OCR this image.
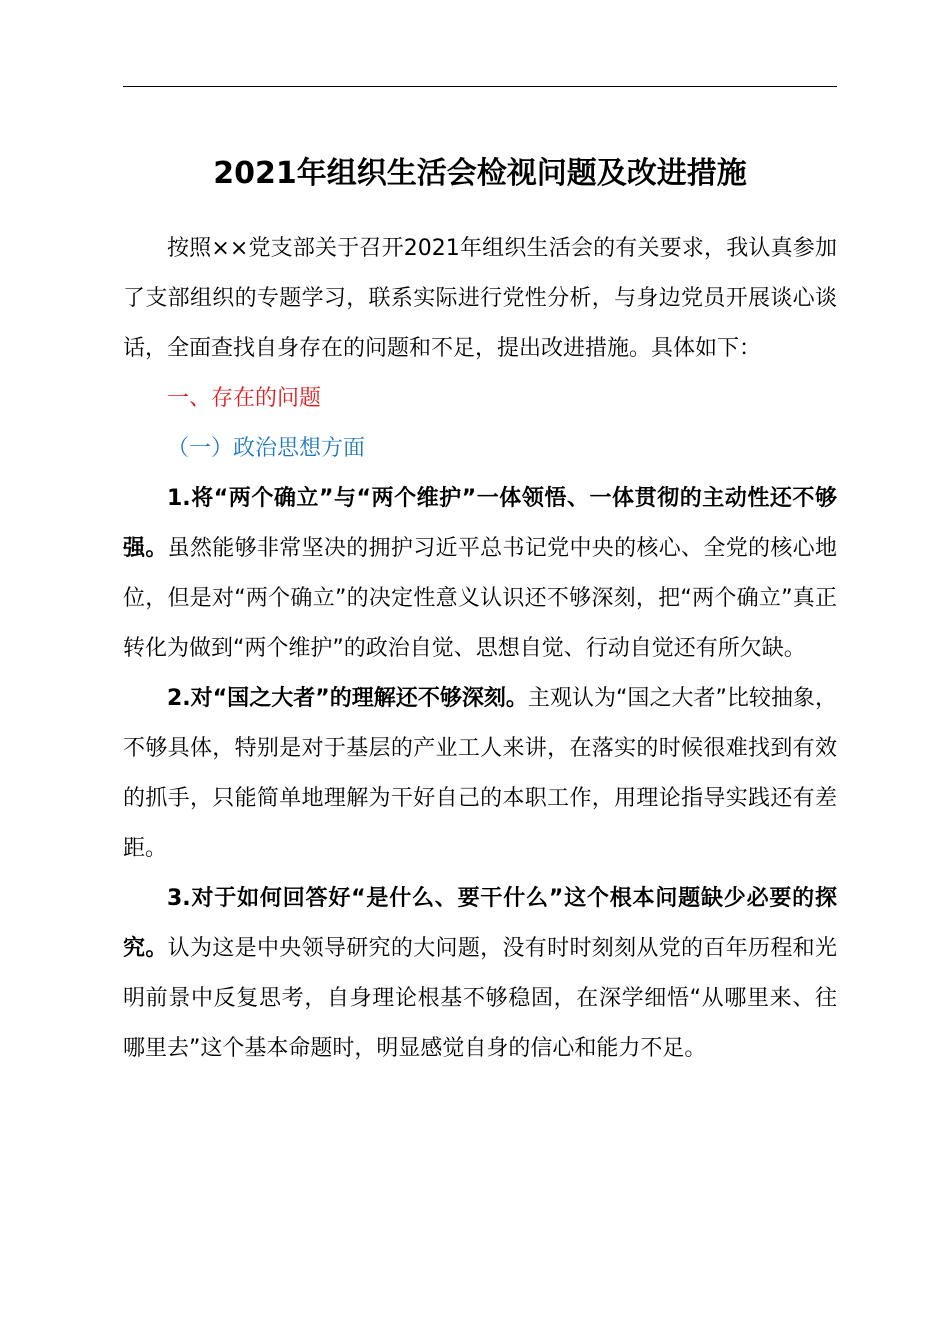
2021年组织生活会检视问题及改进措施

按照××党支部关于召开2021年组织生活会的有关要求，我认真参加了支部组织的专题学习，联系实际进行党性分析，与身边党员开展谈心谈话，全面查找自身存在的问题和不足，提出改进措施。具体如下：

一、存在的问题

（一）政治思想方面

1.将“两个确立”与“两个维护”一体领悟、一体贯彻的主动性还不够强。虽然能够非常坚决的拥护习近平总书记党中央的核心、全党的核心地位，但是对“两个确立”的决定性意义认识还不够深刻，把“两个确立”真正转化为做到“两个维护”的政治自觉、思想自觉、行动自觉还有所欠缺。

2.对“国之大者”的理解还不够深刻。主观认为“国之大者”比较抽象，不够具体，特别是对于基层的产业工人来讲，在落实的时候很难找到有效的抓手，只能简单地理解为干好自己的本职工作，用理论指导实践还有差距。

3.对于如何回答好“是什么、要干什么”这个根本问题缺少必要的探究。认为这是中央领导研究的大问题，没有时时刻刻从党的百年历程和光明前景中反复思考，自身理论根基不够稳固，在深学细悟“从哪里来、往哪里去”这个基本命题时，明显感觉自身的信心和能力不足。
